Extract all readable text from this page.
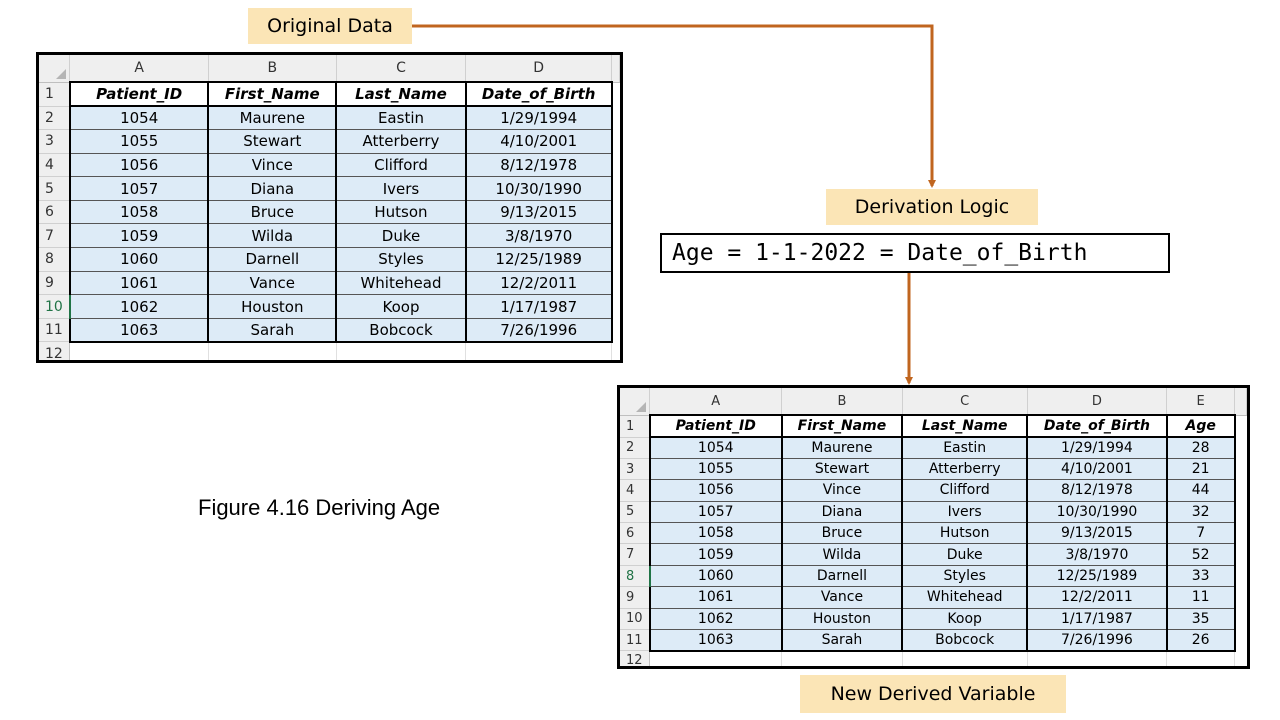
Original Data
	A	B	C	D	
1	Patient_ID	First_Name	Last_Name	Date_of_Birth	
2	1054	Maurene	Eastin	1/29/1994	
3	1055	Stewart	Atterberry	4/10/2001	
4	1056	Vince	Clifford	8/12/1978	
5	1057	Diana	Ivers	10/30/1990	
6	1058	Bruce	Hutson	9/13/2015	
7	1059	Wilda	Duke	3/8/1970	
8	1060	Darnell	Styles	12/25/1989	
9	1061	Vance	Whitehead	12/2/2011	
10	1062	Houston	Koop	1/17/1987	
11	1063	Sarah	Bobcock	7/26/1996	
12					
Derivation Logic
Age = 1-1-2022 = Date_of_Birth
Figure 4.16 Deriving Age
	A	B	C	D	E	
1	Patient_ID	First_Name	Last_Name	Date_of_Birth	Age	
2	1054	Maurene	Eastin	1/29/1994	28	
3	1055	Stewart	Atterberry	4/10/2001	21	
4	1056	Vince	Clifford	8/12/1978	44	
5	1057	Diana	Ivers	10/30/1990	32	
6	1058	Bruce	Hutson	9/13/2015	7	
7	1059	Wilda	Duke	3/8/1970	52	
8	1060	Darnell	Styles	12/25/1989	33	
9	1061	Vance	Whitehead	12/2/2011	11	
10	1062	Houston	Koop	1/17/1987	35	
11	1063	Sarah	Bobcock	7/26/1996	26	
12						
New Derived Variable
